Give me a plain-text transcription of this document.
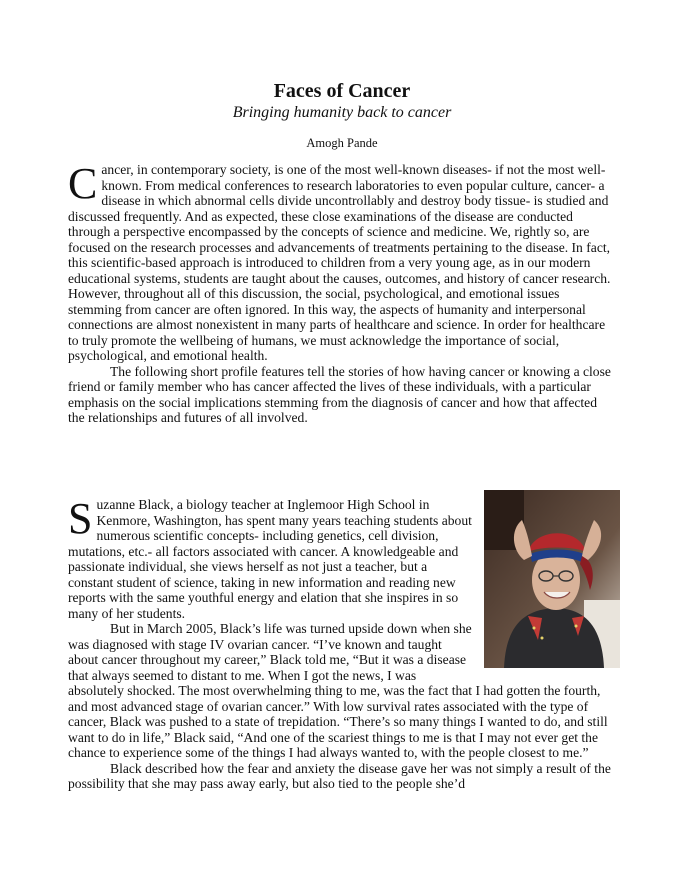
Faces of Cancer
Bringing humanity back to cancer
Amogh Pande

Cancer, in contemporary society, is one of the most well-known diseases- if not the most well-known. From medical conferences to research laboratories to even popular culture, cancer- a disease in which abnormal cells divide uncontrollably and destroy body tissue- is studied and discussed frequently. And as expected, these close examinations of the disease are conducted through a perspective encompassed by the concepts of science and medicine. We, rightly so, are focused on the research processes and advancements of treatments pertaining to the disease. In fact, this scientific-based approach is introduced to children from a very young age, as in our modern educational systems, students are taught about the causes, outcomes, and history of cancer research. However, throughout all of this discussion, the social, psychological, and emotional issues stemming from cancer are often ignored. In this way, the aspects of humanity and interpersonal connections are almost nonexistent in many parts of healthcare and science. In order for healthcare to truly promote the wellbeing of humans, we must acknowledge the importance of social, psychological, and emotional health.

The following short profile features tell the stories of how having cancer or knowing a close friend or family member who has cancer affected the lives of these individuals, with a particular emphasis on the social implications stemming from the diagnosis of cancer and how that affected the relationships and futures of all involved.

Suzanne Black, a biology teacher at Inglemoor High School in Kenmore, Washington, has spent many years teaching students about numerous scientific concepts- including genetics, cell division, mutations, etc.- all factors associated with cancer. A knowledgeable and passionate individual, she views herself as not just a teacher, but a constant student of science, taking in new information and reading new reports with the same youthful energy and elation that she inspires in so many of her students.

But in March 2005, Black’s life was turned upside down when she was diagnosed with stage IV ovarian cancer. “I’ve known and taught about cancer throughout my career,” Black told me, “But it was a disease that always seemed to distant to me. When I got the news, I was absolutely shocked. The most overwhelming thing to me, was the fact that I had gotten the fourth, and most advanced stage of ovarian cancer.” With low survival rates associated with the type of cancer, Black was pushed to a state of trepidation. “There’s so many things I wanted to do, and still want to do in life,” Black said, “And one of the scariest things to me is that I may not ever get the chance to experience some of the things I had always wanted to, with the people closest to me.”

Black described how the fear and anxiety the disease gave her was not simply a result of the possibility that she may pass away early, but also tied to the people she’d
